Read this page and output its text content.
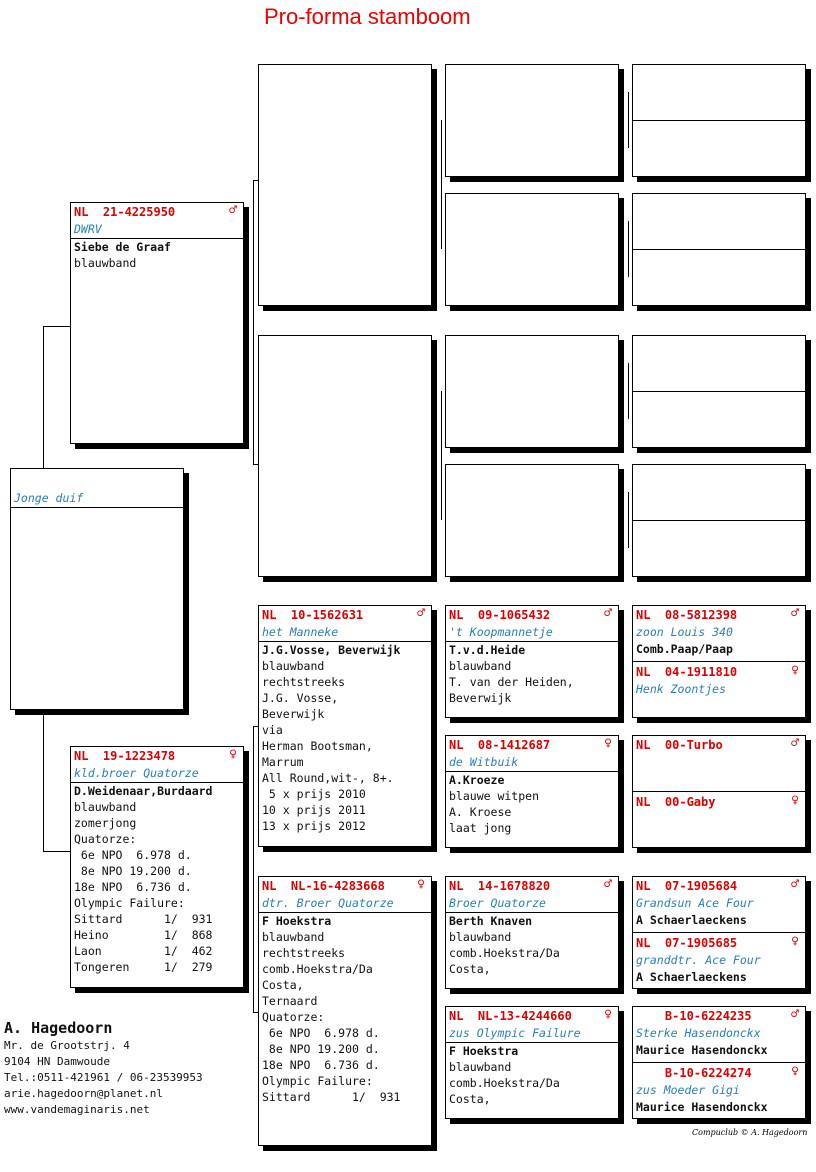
Pro-forma stamboom
Jonge duif
NL  21-4225950	♂
DWRV
Siebe de Graaf
blauwband
NL  19-1223478	♀
kld.broer Quatorze
D.Weidenaar,Burdaard
blauwband
zomerjong
Quatorze:
6e NPO  6.978 d.
8e NPO 19.200 d.
18e NPO  6.736 d.
Olympic Failure:
Sittard      1/  931
Heino        1/  868
Laon         1/  462
Tongeren     1/  279
NL  10-1562631	♂
het Manneke
J.G.Vosse, Beverwijk
blauwband
rechtstreeks
J.G. Vosse,
Beverwijk
via
Herman Bootsman,
Marrum
All Round,wit-, 8+.
5 x prijs 2010
10 x prijs 2011
13 x prijs 2012
NL  NL-16-4283668 ♀
dtr. Broer Quatorze
F Hoekstra
blauwband
rechtstreeks
comb.Hoekstra/Da
Costa,
Ternaard
Quatorze:
6e NPO  6.978 d.
8e NPO 19.200 d.
18e NPO  6.736 d.
Olympic Failure:
Sittard      1/  931
NL  09-1065432	♂
't Koopmannetje
T.v.d.Heide
blauwband
T. van der Heiden,
Beverwijk
NL  08-1412687	♀
de Witbuik
A.Kroeze
blauwe witpen
A. Kroese
laat jong
NL  14-1678820	♂
Broer Quatorze
Berth Knaven
blauwband
comb.Hoekstra/Da
Costa,
NL  NL-13-4244660 ♀
zus Olympic Failure
F Hoekstra
blauwband
comb.Hoekstra/Da
Costa,
NL  08-5812398	♂
zoon Louis 340
Comb.Paap/Paap
NL  04-1911810	♀
Henk Zoontjes
NL  00-Turbo	♂
NL  00-Gaby	♀
NL  07-1905684	♂
Grandsun Ace Four
A Schaerlaeckens
NL  07-1905685	♀
granddtr. Ace Four
A Schaerlaeckens
B-10-6224235	♂
Sterke Hasendonckx
Maurice Hasendonckx
B-10-6224274	♀
zus Moeder Gigi
Maurice Hasendonckx
A. Hagedoorn
Mr. de Grootstrj. 4
9104 HN Damwoude
Tel.:0511-421961 / 06-23539953
arie.hagedoorn@planet.nl
www.vandemaginaris.net
Compuclub © A. Hagedoorn
